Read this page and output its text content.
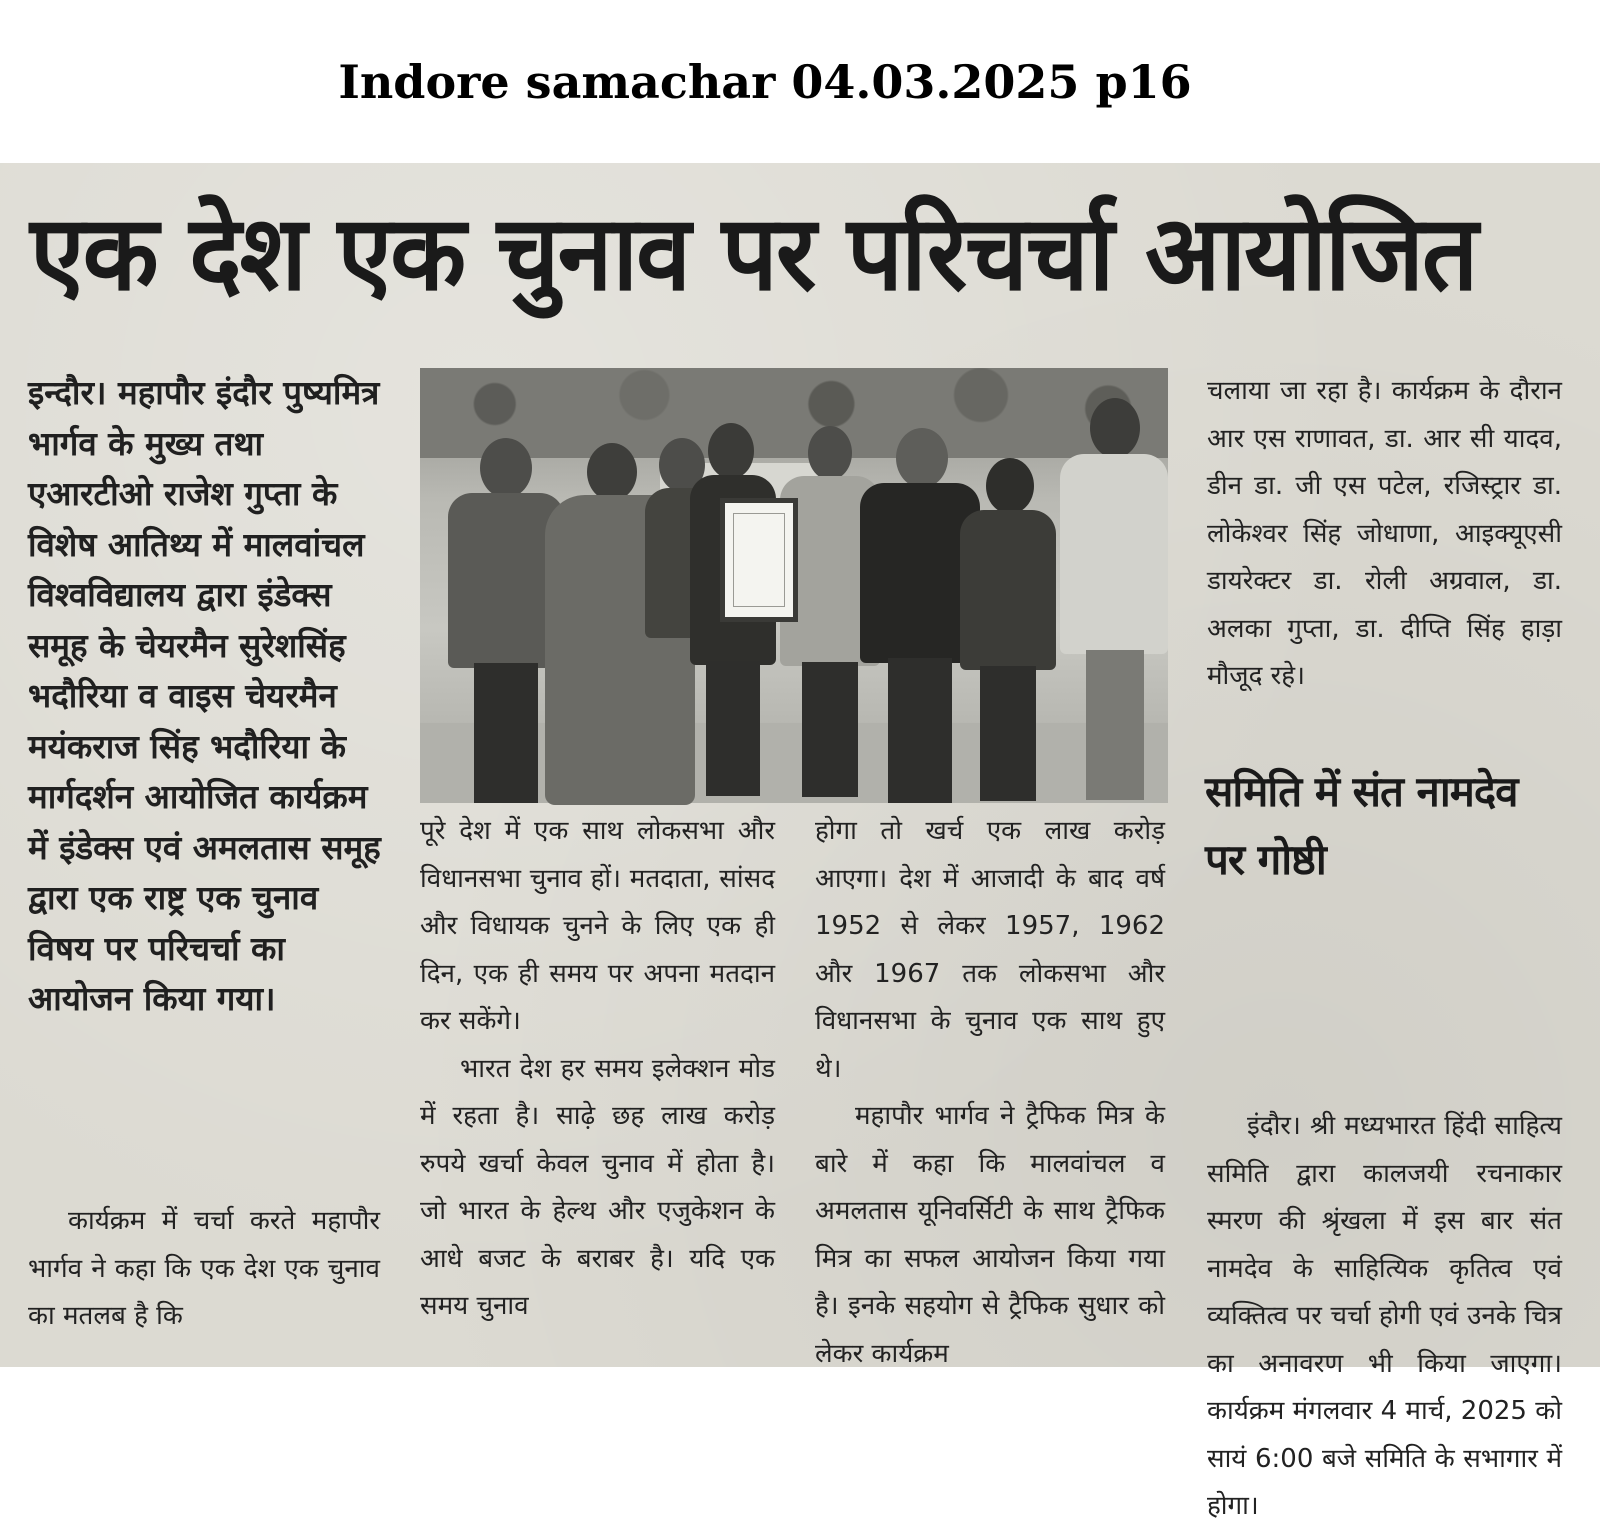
Indore samachar 04.03.2025 p16
एक देश एक चुनाव पर परिचर्चा आयोजित
इन्दौर। महापौर इंदौर पुष्यमित्र भार्गव के मुख्य तथा एआरटीओ राजेश गुप्ता के विशेष आतिथ्य में मालवांचल विश्वविद्यालय द्वारा इंडेक्स समूह के चेयरमैन सुरेशसिंह भदौरिया व वाइस चेयरमैन मयंकराज सिंह भदौरिया के मार्गदर्शन आयोजित कार्यक्रम में इंडेक्स एवं अमलतास समूह द्वारा एक राष्ट्र एक चुनाव विषय पर परिचर्चा का आयोजन किया गया।

कार्यक्रम में चर्चा करते महापौर भार्गव ने कहा कि एक देश एक चुनाव का मतलब है कि

पूरे देश में एक साथ लोकसभा और विधानसभा चुनाव हों। मतदाता, सांसद और विधायक चुनने के लिए एक ही दिन, एक ही समय पर अपना मतदान कर सकेंगे।

भारत देश हर समय इलेक्शन मोड में रहता है। साढ़े छह लाख करोड़ रुपये खर्चा केवल चुनाव में होता है। जो भारत के हेल्थ और एजुकेशन के आधे बजट के बराबर है। यदि एक समय चुनाव

होगा तो खर्च एक लाख करोड़ आएगा। देश में आजादी के बाद वर्ष 1952 से लेकर 1957, 1962 और 1967 तक लोकसभा और विधानसभा के चुनाव एक साथ हुए थे।

महापौर भार्गव ने ट्रैफिक मित्र के बारे में कहा कि मालवांचल व अमलतास यूनिवर्सिटी के साथ ट्रैफिक मित्र का सफल आयोजन किया गया है। इनके सहयोग से ट्रैफिक सुधार को लेकर कार्यक्रम

चलाया जा रहा है। कार्यक्रम के दौरान आर एस राणावत, डा. आर सी यादव, डीन डा. जी एस पटेल, रजिस्ट्रार डा. लोकेश्वर सिंह जोधाणा, आइक्यूएसी डायरेक्टर डा. रोली अग्रवाल, डा. अलका गुप्ता, डा. दीप्ति सिंह हाड़ा मौजूद रहे।

समिति में संत नामदेव पर गोष्ठी

इंदौर। श्री मध्यभारत हिंदी साहित्य समिति द्वारा कालजयी रचनाकार स्मरण की श्रृंखला में इस बार संत नामदेव के साहित्यिक कृतित्व एवं व्यक्तित्व पर चर्चा होगी एवं उनके चित्र का अनावरण भी किया जाएगा। कार्यक्रम मंगलवार 4 मार्च, 2025 को सायं 6:00 बजे समिति के सभागार में होगा।
